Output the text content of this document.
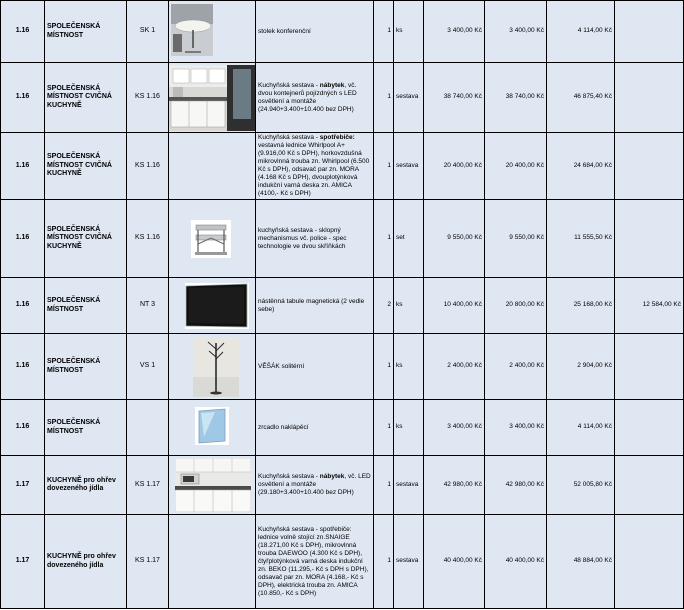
1.16	SPOLEČENSKÁ MÍSTNOST	SK 1		stolek konferenční	1	ks	3 400,00 Kč	3 400,00 Kč	4 114,00 Kč	
1.16	SPOLEČENSKÁ MÍSTNOST CVIČNÁ KUCHYNĚ	KS 1.16		Kuchyňská sestava - nábytek, vč. dvou kontejnerů pojízdných s LED osvětlení a montáže (24.940+3.400+10.400 bez DPH)	1	sestava	38 740,00 Kč	38 740,00 Kč	46 875,40 Kč	
1.16	SPOLEČENSKÁ MÍSTNOST CVIČNÁ KUCHYNĚ	KS 1.16		Kuchyňská sestava - spotřebiče: vestavná lednice Whirlpool A+ (9.916,00 Kč s DPH), horkovzdušná mikrovlnná trouba zn. Whirlpool (6.500 Kč s DPH), odsavač par zn. MORA (4.168 Kč s DPH), dvouplotýnková indukční varná deska zn. AMICA (4100,- Kč s DPH)	1	sestava	20 400,00 Kč	20 400,00 Kč	24 684,00 Kč	
1.16	SPOLEČENSKÁ MÍSTNOST CVIČNÁ KUCHYNĚ	KS 1.16		kuchyňská sestava - sklopný mechanismus vč. police - spec technologie ve dvou skříňkách	1	set	9 550,00 Kč	9 550,00 Kč	11 555,50 Kč	
1.16	SPOLEČENSKÁ MÍSTNOST	NT 3		nástěnná tabule magnetická (2 vedle sebe)	2	ks	10 400,00 Kč	20 800,00 Kč	25 168,00 Kč	12 584,00 Kč
1.16	SPOLEČENSKÁ MÍSTNOST	VS 1		VĚŠÁK solitérní	1	ks	2 400,00 Kč	2 400,00 Kč	2 904,00 Kč	
1.16	SPOLEČENSKÁ MÍSTNOST			zrcadlo naklápěcí	1	ks	3 400,00 Kč	3 400,00 Kč	4 114,00 Kč	
1.17	KUCHYNĚ pro ohřev dovezeného jídla	KS 1.17		Kuchyňská sestava - nábytek, vč. LED osvětlení a montáže (29.180+3.400+10.400 bez DPH)	1	sestava	42 980,00 Kč	42 980,00 Kč	52 005,80 Kč	
1.17	KUCHYNĚ pro ohřev dovezeného jídla	KS 1.17		Kuchyňská sestava - spotřebiče: lednice volně stojící zn.SNAIGE (18.271,00 Kč s DPH), mikrovlnná trouba DAEWOO (4.300 Kč s DPH), čtyřplotýnková varná deska indukční zn. BEKO (11.295,- Kč s DPH s DPH), odsavač par zn. MORA (4.168,- Kč s DPH), elektrická trouba zn. AMICA (10.850,- Kč s DPH)	1	sestava	40 400,00 Kč	40 400,00 Kč	48 884,00 Kč	
